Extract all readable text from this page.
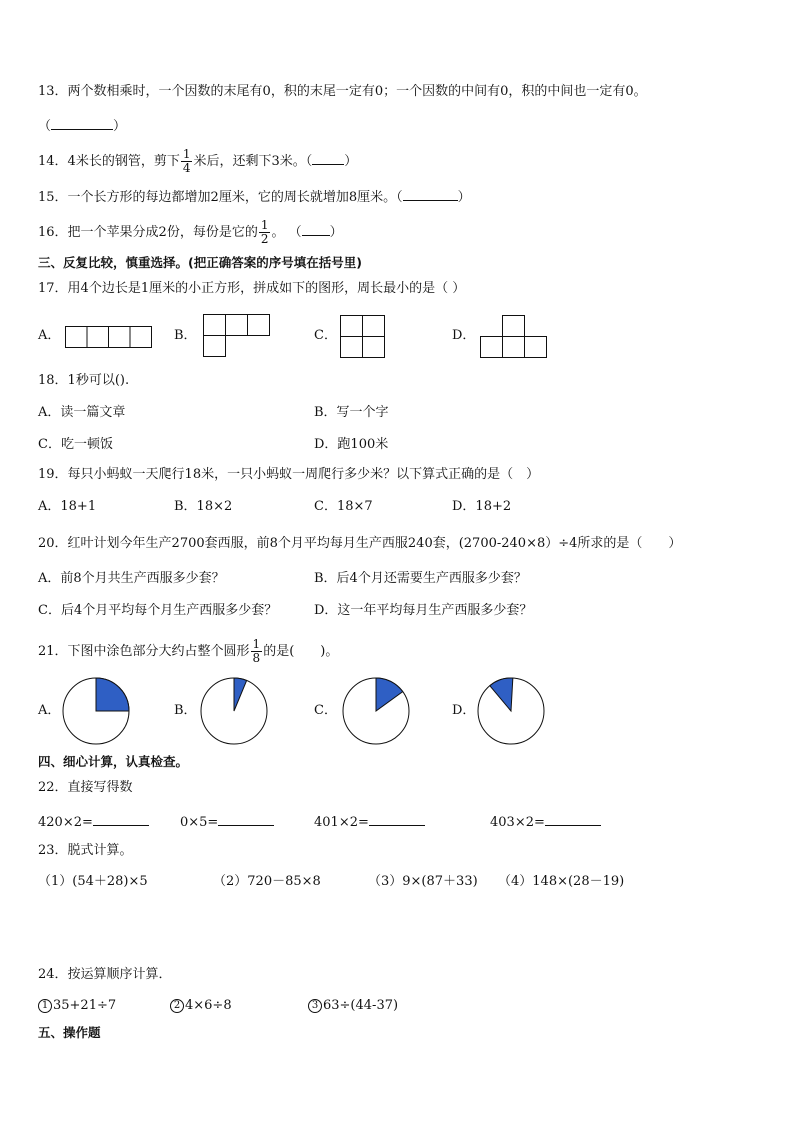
13．两个数相乘时，一个因数的末尾有0，积的末尾一定有0；一个因数的中间有0，积的中间也一定有0。
（	）
14．4米长的钢管，剪下 $\frac{1}{4}$ 米后，还剩下3米。（ ）
15．一个长方形的每边都增加2厘米，它的周长就增加8厘米。（	）
16．把一个苹果分成2份，每份是它的 $\frac{1}{2}$ 。 （ ）
三、反复比较，慎重选择。(把正确答案的序号填在括号里)
17．用4个边长是1厘米的小正方形，拼成如下的图形，周长最小的是（ ）
A．	B．	C．	D．
18．1秒可以().
A．读一篇文章	B．写一个字
C．吃一顿饭	D．跑100米
19．每只小蚂蚁一天爬行18米，一只小蚂蚁一周爬行多少米？以下算式正确的是（　）
A．18+1	B．18×2	C．18×7	D．18+2
20．红叶计划今年生产2700套西服，前8个月平均每月生产西服240套，(2700-240×8）÷4所求的是（　　）
A．前8个月共生产西服多少套？	B．后4个月还需要生产西服多少套？
C．后4个月平均每个月生产西服多少套？	D．这一年平均每月生产西服多少套？
21．下图中涂色部分大约占整个圆形 $\frac{1}{8}$ 的是(　　)。
A．	B．	C．	D．
四、细心计算，认真检查。
22．直接写得数
420×2=	0×5=	401×2=	403×2=
23．脱式计算。
（1）(54＋28)×5	（2）720－85×8	（3）9×(87＋33) （4）148×(28－19)
24．按运算顺序计算．
1 35+21÷7	2 4×6÷8	3 63÷(44-37)
五、操作题
